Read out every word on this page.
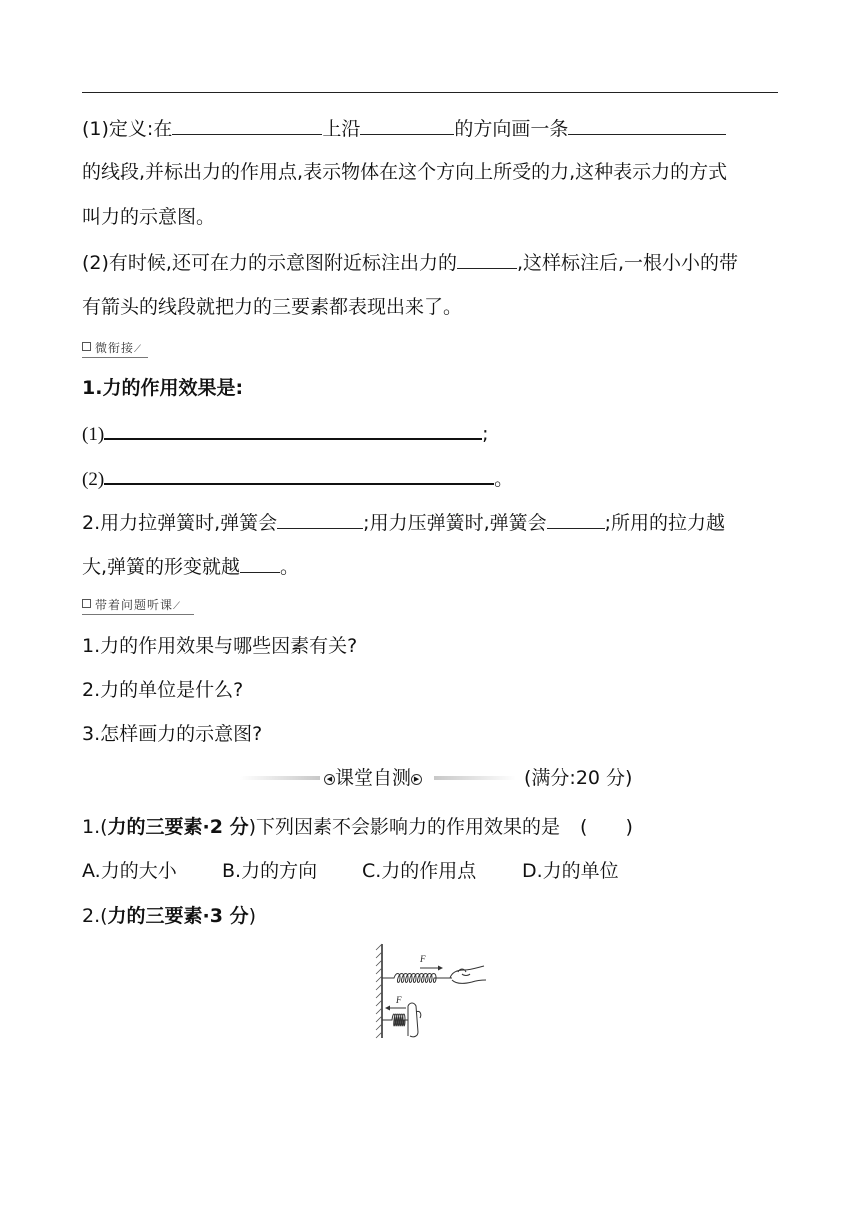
(1)定义:在	上沿	的方向画一条
的线段,并标出力的作用点,表示物体在这个方向上所受的力,这种表示力的方式
叫力的示意图。
(2)有时候,还可在力的示意图附近标注出力的	,这样标注后,一根小小的带
有箭头的线段就把力的三要素都表现出来了。
微衔接⟋
1.力的作用效果是:
(1)	;
(2)	。
2.用力拉弹簧时,弹簧会	;用力压弹簧时,弹簧会	;所用的拉力越
大,弹簧的形变就越 。
带着问题听课⟋
1.力的作用效果与哪些因素有关?
2.力的单位是什么?
3.怎样画力的示意图?
◀ 课堂自测 ▶	(满分:20 分)
1.(力的三要素·2 分)下列因素不会影响力的作用效果的是 (　　)
A.力的大小 B.力的方向 C.力的作用点 D.力的单位
2.(力的三要素·3 分)
F
F
